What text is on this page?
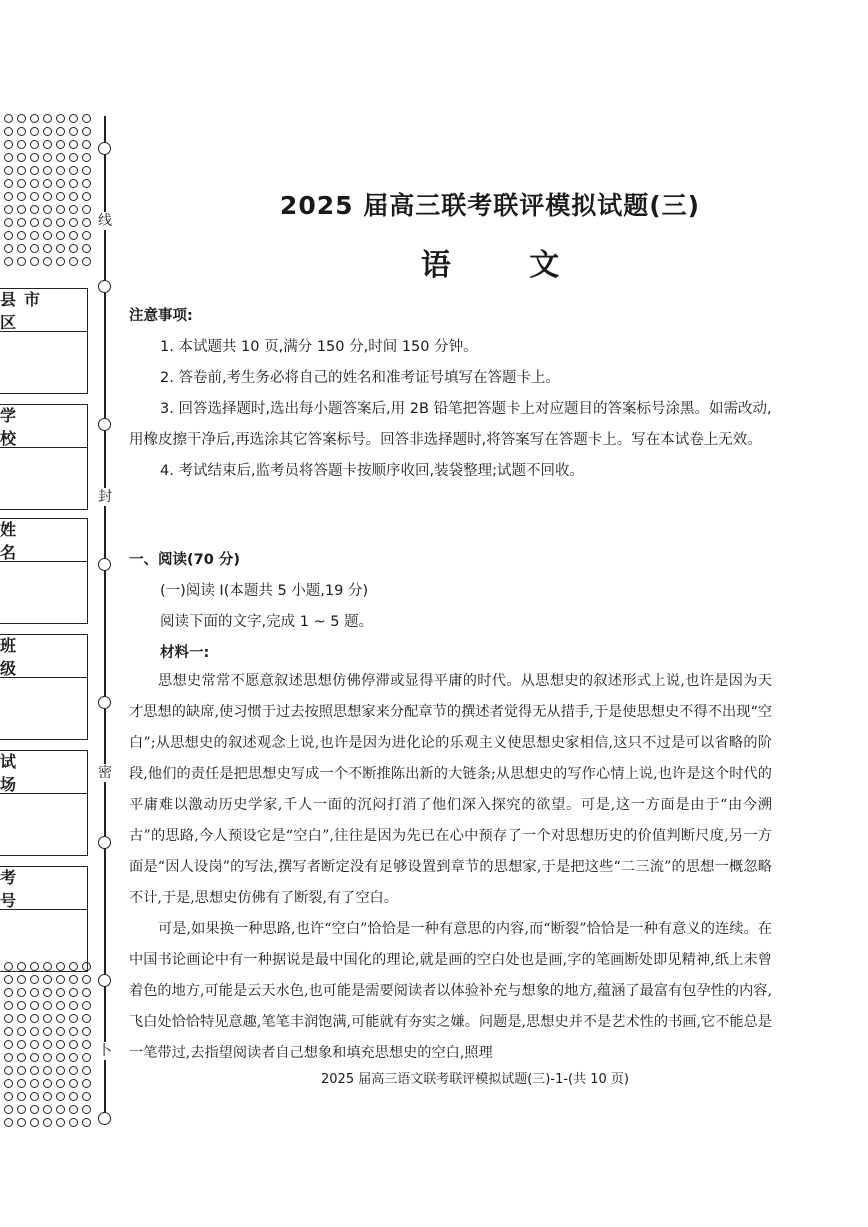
线
封
密
卜
县市区
学校
姓名
班级
试场
考号
2025 届高三联考联评模拟试题(三)
语 文
注意事项:

1. 本试题共 10 页,满分 150 分,时间 150 分钟。

2. 答卷前,考生务必将自己的姓名和准考证号填写在答题卡上。

3. 回答选择题时,选出每小题答案后,用 2B 铅笔把答题卡上对应题目的答案标号涂黑。如需改动,用橡皮擦干净后,再选涂其它答案标号。回答非选择题时,将答案写在答题卡上。写在本试卷上无效。

4. 考试结束后,监考员将答题卡按顺序收回,装袋整理;试题不回收。

一、阅读(70 分)
(一)阅读 I(本题共 5 小题,19 分)
阅读下面的文字,完成 1 ~ 5 题。
材料一:

思想史常常不愿意叙述思想仿佛停滞或显得平庸的时代。从思想史的叙述形式上说,也许是因为天才思想的缺席,使习惯于过去按照思想家来分配章节的撰述者觉得无从措手,于是使思想史不得不出现“空白”;从思想史的叙述观念上说,也许是因为进化论的乐观主义使思想史家相信,这只不过是可以省略的阶段,他们的责任是把思想史写成一个不断推陈出新的大链条;从思想史的写作心情上说,也许是这个时代的平庸难以激动历史学家,千人一面的沉闷打消了他们深入探究的欲望。可是,这一方面是由于“由今溯古”的思路,今人预设它是“空白”,往往是因为先已在心中预存了一个对思想历史的价值判断尺度,另一方面是“因人设岗”的写法,撰写者断定没有足够设置到章节的思想家,于是把这些“二三流”的思想一概忽略不计,于是,思想史仿佛有了断裂,有了空白。

可是,如果换一种思路,也许“空白”恰恰是一种有意思的内容,而“断裂”恰恰是一种有意义的连续。在中国书论画论中有一种据说是最中国化的理论,就是画的空白处也是画,字的笔画断处即见精神,纸上未曾着色的地方,可能是云天水色,也可能是需要阅读者以体验补充与想象的地方,蕴涵了最富有包孕性的内容,飞白处恰恰特见意趣,笔笔丰润饱满,可能就有夯实之嫌。问题是,思想史并不是艺术性的书画,它不能总是一笔带过,去指望阅读者自己想象和填充思想史的空白,照理

2025 届高三语文联考联评模拟试题(三)-1-(共 10 页)
